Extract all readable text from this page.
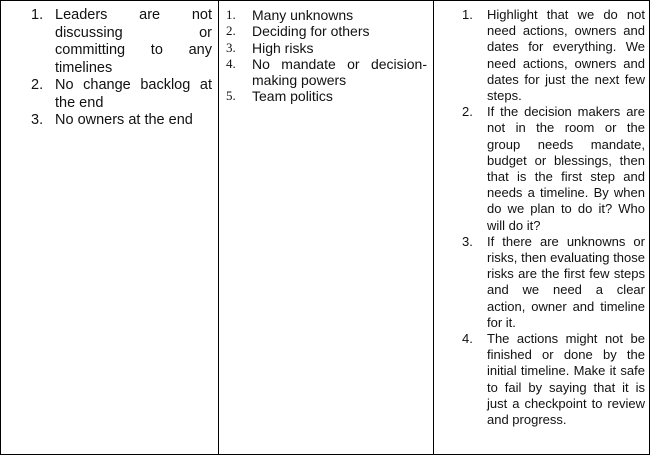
1. Leaders are not discussing or committing to any timelines
2. No change backlog at the end
3. No owners at the end
1. Many unknowns
2. Deciding for others
3. High risks
4. No mandate or decision-making powers
5. Team politics
1. Highlight that we do not need actions, owners and dates for everything. We need actions, owners and dates for just the next few steps.
2. If the decision makers are not in the room or the group needs mandate, budget or blessings, then that is the first step and needs a timeline. By when do we plan to do it? Who will do it?
3. If there are unknowns or risks, then evaluating those risks are the first few steps and we need a clear action, owner and timeline for it.
4. The actions might not be finished or done by the initial timeline. Make it safe to fail by saying that it is just a checkpoint to review and progress.
